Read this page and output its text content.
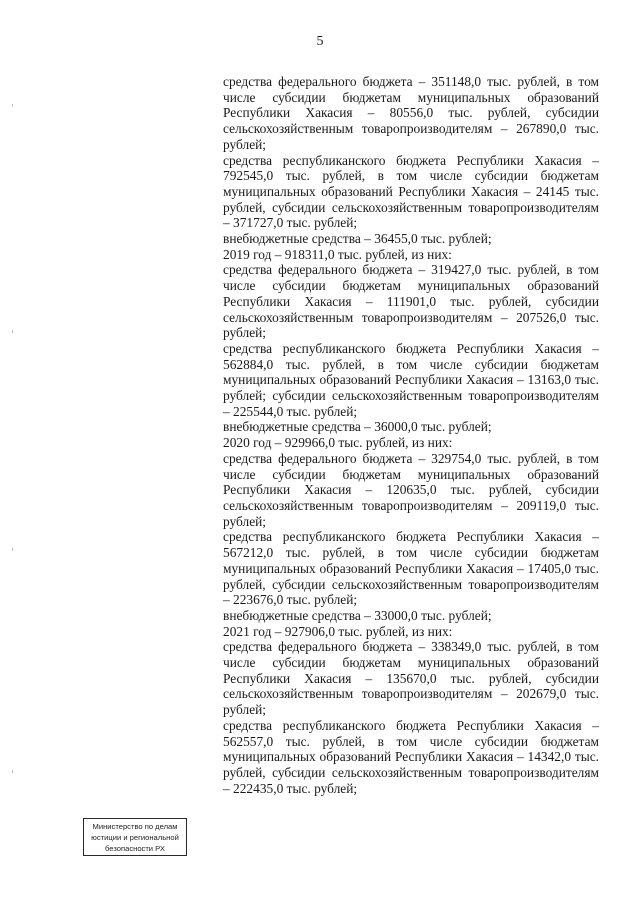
5

средства федерального бюджета – 351148,0 тыс. рублей, в том числе субсидии бюджетам муниципальных образований Республики Хакасия – 80556,0 тыс. рублей, субсидии сельскохозяйственным товаропроизводителям – 267890,0 тыс. рублей;

средства республиканского бюджета Республики Хакасия – 792545,0 тыс. рублей, в том числе субсидии бюджетам муниципальных образований Республики Хакасия – 24145 тыс. рублей, субсидии сельскохозяйственным товаропроизводителям – 371727,0 тыс. рублей;

внебюджетные средства – 36455,0 тыс. рублей;

2019 год – 918311,0 тыс. рублей, из них:

средства федерального бюджета – 319427,0 тыс. рублей, в том числе субсидии бюджетам муниципальных образований Республики Хакасия – 111901,0 тыс. рублей, субсидии сельскохозяйственным товаропроизводителям – 207526,0 тыс. рублей;

средства республиканского бюджета Республики Хакасия – 562884,0 тыс. рублей, в том числе субсидии бюджетам муниципальных образований Республики Хакасия – 13163,0 тыс. рублей; субсидии сельскохозяйственным товаропроизводителям – 225544,0 тыс. рублей;

внебюджетные средства – 36000,0 тыс. рублей;

2020 год – 929966,0 тыс. рублей, из них:

средства федерального бюджета – 329754,0 тыс. рублей, в том числе субсидии бюджетам муниципальных образований Республики Хакасия – 120635,0 тыс. рублей, субсидии сельскохозяйственным товаропроизводителям – 209119,0 тыс. рублей;

средства республиканского бюджета Республики Хакасия – 567212,0 тыс. рублей, в том числе субсидии бюджетам муниципальных образований Республики Хакасия – 17405,0 тыс. рублей, субсидии сельскохозяйственным товаропроизводителям – 223676,0 тыс. рублей;

внебюджетные средства – 33000,0 тыс. рублей;

2021 год – 927906,0 тыс. рублей, из них:

средства федерального бюджета – 338349,0 тыс. рублей, в том числе субсидии бюджетам муниципальных образований Республики Хакасия – 135670,0 тыс. рублей, субсидии сельскохозяйственным товаропроизводителям – 202679,0 тыс. рублей;

средства республиканского бюджета Республики Хакасия – 562557,0 тыс. рублей, в том числе субсидии бюджетам муниципальных образований Республики Хакасия – 14342,0 тыс. рублей, субсидии сельскохозяйственным товаропроизводителям – 222435,0 тыс. рублей;

Министерство по делам
юстиции и региональной
безопасности РХ
